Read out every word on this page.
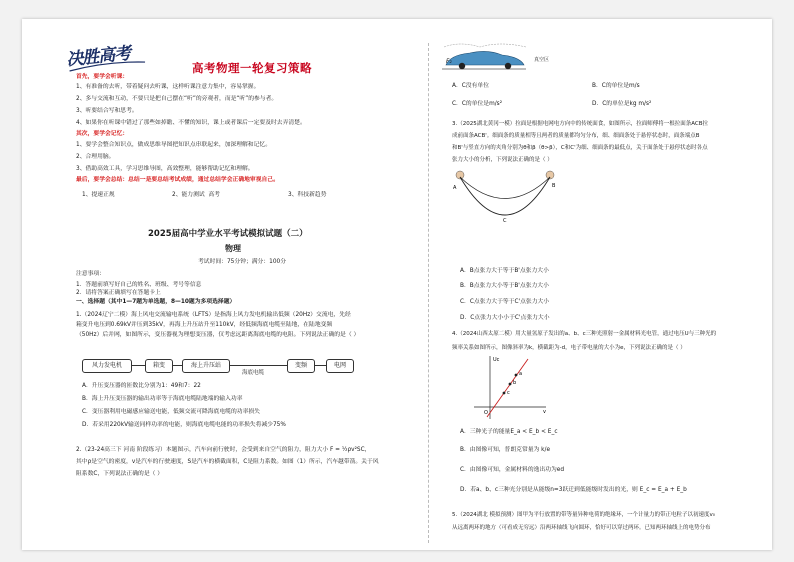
决胜高考	高考物理一轮复习策略
首先，要学会听课：
1、有准备的去听，带着疑问去听课，这样听课注意力集中，容易掌握。
2、多与交流和互动，不要只是把自己摆在“听”的旁观者，而是“听”的参与者。
3、听要结合写和思考。
4、如果你在听课中错过了那些如掉瞻、不懂的知识，课上或者课后一定要及时去弄清楚。
其次，要学会记忆：
1、要学会整合知识点，做成思维导图把知识点串联起来，加深理解和记忆。
2、合理用脑。
3、借助高效工具，学习思维导图，高效整理，能够帮助记忆和理解。
最后，要学会总结：总结一是要总结考试成绩，通过总结学会正确地审视自己。
1、提速正规	2、能力测试 高考	3、科技新趋势
2025届高中学业水平考试模拟试题（二）
物理
考试时间：75分钟；满分：100分
注意事项：
1．答题前填写好自己的姓名、班级、考号等信息
2．请将答案正确填写在答题卡上
一、选择题（其中1—7题为单选题，8—10题为多项选择题）
1.（2024辽宁二模）海上风电交流输电系统（LFTS）是指海上风力发电机输出低频（20Hz）交流电，先经
箱变升电压到0.69kV并压到35kV，再海上升压站升至110kV，经低频海底电缆至陆地，在陆地变频
（50Hz）后并网，如图所示，变压器视为理想变压器，仅考虑远距离海底电缆的电阻。下列说法正确的是（ ）
风力发电机	箱变	海上升压站
海底电缆
变频	电网
A．升压变压器的匝数比分别为1：49和7：22
B．海上升压变压器的输出功率等于海底电缆陆地端的输入功率
C．变压器利用电磁感应输送电能，低频交流可降海底电缆的功率损失
D．若采用220kV输送同样功率的电能，则海底电缆电能的功率损失将减少75%
2.（23-24高三下 河南 阶段练习）本题图示，汽车向前行驶时，会受到来自空气的阻力，阻力大小 F = ½ρv²SC，
其中ρ是空气的密度，v是汽车的行驶速度，S是汽车的横截面积，C是阻力系数。如图（1）所示，汽车越带箭。关于风
阻系数C，下列说法正确的是（ ）
F₂	真空区
A．C没有单位	B．C的单位是m/s
C．C的单位是m/s²	D．C的单位是kg m/s²
3.（2025湖北黄冈一模）拉面是根据电网电方向中的传统面食，如图所示，拉面师傅将一根拉面条ACB拉
成前面条ACB'。细面条的质量相等且两者的质量都均匀分布，细、细面条处于悬停状态时，面条端点B
和B'与竖直方向的夹角分别为θ和β（θ>β），C和C'为细、细面条的最低点，关于面条处于悬停状态时各点
张力大小的分析，下列说法正确的是（ ）
A	B
C
A．B点张力大于等于B'点张力大小
B．B点张力大小等于B'点张力大小
C．C点张力大于等于C'点张力大小
D．C点张力大小小于C'点张力大小
4.（2024山西太原二模）用大量氢原子发出的a、b、c三种光照射一金属材料光电管，通过电压U与三种光的
频率关系如图所示，图像斜率为k，横截距为-d，电子带电量的大小为e，下列说法正确的是（ ）
Uc
v
O
a
b
c
A．三种光子的能量E_a < E_b < E_c
B．由图像可知，普朗克常量为 k/e
C．由图像可知，金属材料的逸出功为ed
D．若a、b、c三种光分别是从能级n=3跃迁到低能级时发出的光，则 E_c = E_a + E_b
5.（2024湖北 模拟预测）图甲为平行放置的带等量异种电荷的绝缘环，一个计量力的带正电粒子以初速度v₀
从远离两环的地方（可看成无穷远）沿两环轴线飞向圆环，恰好可以穿过两环。已知两环轴线上的电势分布
